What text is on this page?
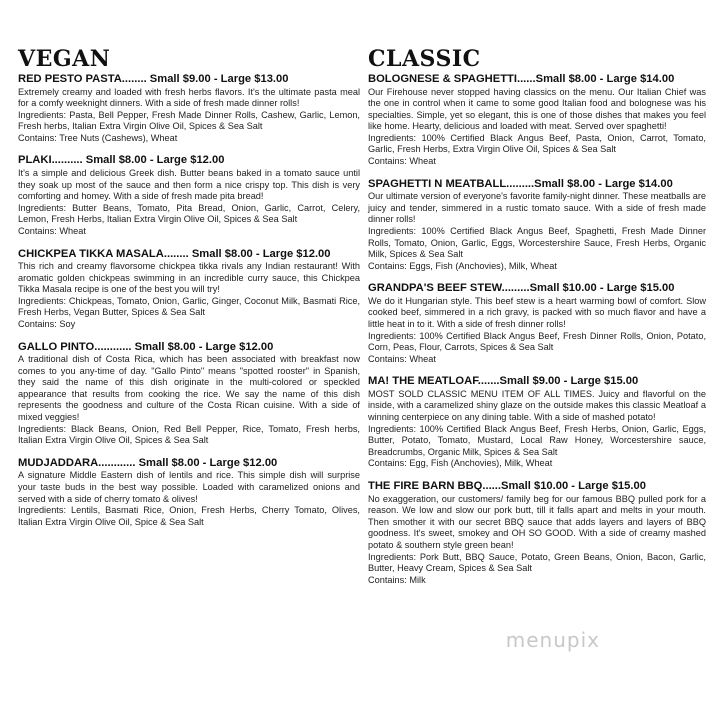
VEGAN
RED PESTO PASTA........ Small $9.00 - Large $13.00
Extremely creamy and loaded with fresh herbs flavors. It's the ultimate pasta meal for a comfy weeknight dinners. With a side of fresh made dinner rolls!
Ingredients: Pasta, Bell Pepper, Fresh Made Dinner Rolls, Cashew, Garlic, Lemon, Fresh herbs, Italian Extra Virgin Olive Oil, Spices & Sea Salt
Contains: Tree Nuts (Cashews), Wheat
PLAKI.......... Small $8.00 - Large $12.00
It's a simple and delicious Greek dish. Butter beans baked in a tomato sauce until they soak up most of the sauce and then form a nice crispy top. This dish is very comforting and homey. With a side of fresh made pita bread!
Ingredients: Butter Beans, Tomato, Pita Bread, Onion, Garlic, Carrot, Celery, Lemon, Fresh Herbs, Italian Extra Virgin Olive Oil, Spices & Sea Salt
Contains: Wheat
CHICKPEA TIKKA MASALA........ Small $8.00 - Large $12.00
This rich and creamy flavorsome chickpea tikka rivals any Indian restaurant! With aromatic golden chickpeas swimming in an incredible curry sauce, this Chickpea Tikka Masala recipe is one of the best you will try!
Ingredients: Chickpeas, Tomato, Onion, Garlic, Ginger, Coconut Milk, Basmati Rice, Fresh Herbs, Vegan Butter, Spices & Sea Salt
Contains: Soy
GALLO PINTO............ Small $8.00 - Large $12.00
A traditional dish of Costa Rica, which has been associated with breakfast now comes to you any-time of day. "Gallo Pinto" means "spotted rooster" in Spanish, they said the name of this dish originate in the multi-colored or speckled appearance that results from cooking the rice. We say the name of this dish represents the goodness and culture of the Costa Rican cuisine. With a side of mixed veggies!
Ingredients: Black Beans, Onion, Red Bell Pepper, Rice, Tomato, Fresh herbs, Italian Extra Virgin Olive Oil, Spices & Sea Salt
MUDJADDARA............ Small $8.00 - Large $12.00
A signature Middle Eastern dish of lentils and rice. This simple dish will surprise your taste buds in the best way possible. Loaded with caramelized onions and served with a side of cherry tomato & olives!
Ingredients: Lentils, Basmati Rice, Onion, Fresh Herbs, Cherry Tomato, Olives, Italian Extra Virgin Olive Oil, Spice & Sea Salt
CLASSIC
BOLOGNESE & SPAGHETTI......Small $8.00 - Large $14.00
Our Firehouse never stopped having classics on the menu. Our Italian Chief was the one in control when it came to some good Italian food and bolognese was his specialties. Simple, yet so elegant, this is one of those dishes that makes you feel like home. Hearty, delicious and loaded with meat. Served over spaghetti!
Ingredients: 100% Certified Black Angus Beef, Pasta, Onion, Carrot, Tomato, Garlic, Fresh Herbs, Extra Virgin Olive Oil, Spices & Sea Salt
Contains: Wheat
SPAGHETTI N MEATBALL.........Small $8.00 - Large $14.00
Our ultimate version of everyone's favorite family-night dinner. These meatballs are juicy and tender, simmered in a rustic tomato sauce. With a side of fresh made dinner rolls!
Ingredients: 100% Certified Black Angus Beef, Spaghetti, Fresh Made Dinner Rolls, Tomato, Onion, Garlic, Eggs, Worcestershire Sauce, Fresh Herbs, Organic Milk, Spices & Sea Salt
Contains: Eggs, Fish (Anchovies), Milk, Wheat
GRANDPA'S BEEF STEW.........Small $10.00 - Large $15.00
We do it Hungarian style. This beef stew is a heart warming bowl of comfort. Slow cooked beef, simmered in a rich gravy, is packed with so much flavor and have a little heat in to it. With a side of fresh dinner rolls!
Ingredients: 100% Certified Black Angus Beef, Fresh Dinner Rolls, Onion, Potato, Corn, Peas, Flour, Carrots, Spices & Sea Salt
Contains: Wheat
MA! THE MEATLOAF.......Small $9.00 - Large $15.00
MOST SOLD CLASSIC MENU ITEM OF ALL TIMES. Juicy and flavorful on the inside, with a caramelized shiny glaze on the outside makes this classic Meatloaf a winning centerpiece on any dining table. With a side of mashed potato!
Ingredients: 100% Certified Black Angus Beef, Fresh Herbs, Onion, Garlic, Eggs, Butter, Potato, Tomato, Mustard, Local Raw Honey, Worcestershire sauce, Breadcrumbs, Organic Milk, Spices & Sea Salt
Contains: Egg, Fish (Anchovies), Milk, Wheat
THE FIRE BARN BBQ......Small $10.00 - Large $15.00
No exaggeration, our customers/ family beg for our famous BBQ pulled pork for a reason. We low and slow our pork butt, till it falls apart and melts in your mouth. Then smother it with our secret BBQ sauce that adds layers and layers of BBQ goodness. It's sweet, smokey and OH SO GOOD. With a side of creamy mashed potato & southern style green bean!
Ingredients: Pork Butt, BBQ Sauce, Potato, Green Beans, Onion, Bacon, Garlic, Butter, Heavy Cream, Spices & Sea Salt
Contains: Milk
menupix
